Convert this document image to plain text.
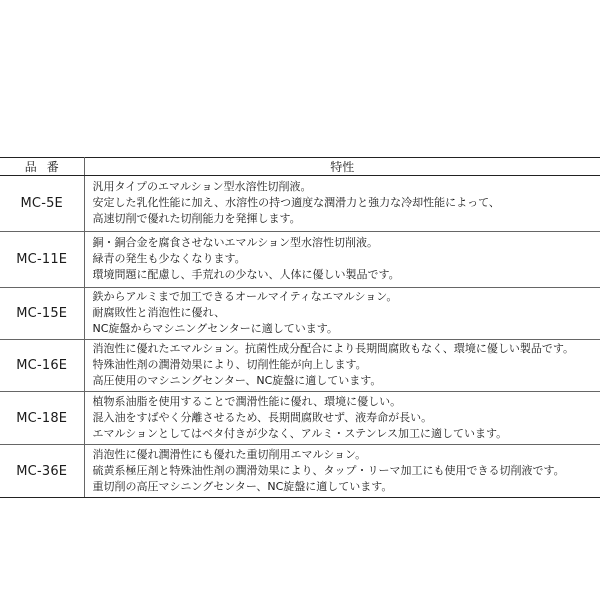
品番	特性
MC-5E	汎用タイプのエマルション型水溶性切削液。
安定した乳化性能に加え、水溶性の持つ適度な潤滑力と強力な冷却性能によって、
高速切削で優れた切削能力を発揮します。

MC-11E	銅・銅合金を腐食させないエマルション型水溶性切削液。
緑青の発生も少なくなります。
環境問題に配慮し、手荒れの少ない、人体に優しい製品です。

MC-15E	鉄からアルミまで加工できるオールマイティなエマルション。
耐腐敗性と消泡性に優れ、
NC旋盤からマシニングセンターに適しています。

MC-16E	消泡性に優れたエマルション。抗菌性成分配合により長期間腐敗もなく、環境に優しい製品です。
特殊油性剤の潤滑効果により、切削性能が向上します。
高圧使用のマシニングセンター、NC旋盤に適しています。

MC-18E	植物系油脂を使用することで潤滑性能に優れ、環境に優しい。
混入油をすばやく分離させるため、長期間腐敗せず、液寿命が長い。
エマルションとしてはベタ付きが少なく、アルミ・ステンレス加工に適しています。

MC-36E	消泡性に優れ潤滑性にも優れた重切削用エマルション。
硫黄系極圧剤と特殊油性剤の潤滑効果により、タップ・リーマ加工にも使用できる切削液です。
重切削の高圧マシニングセンター、NC旋盤に適しています。
